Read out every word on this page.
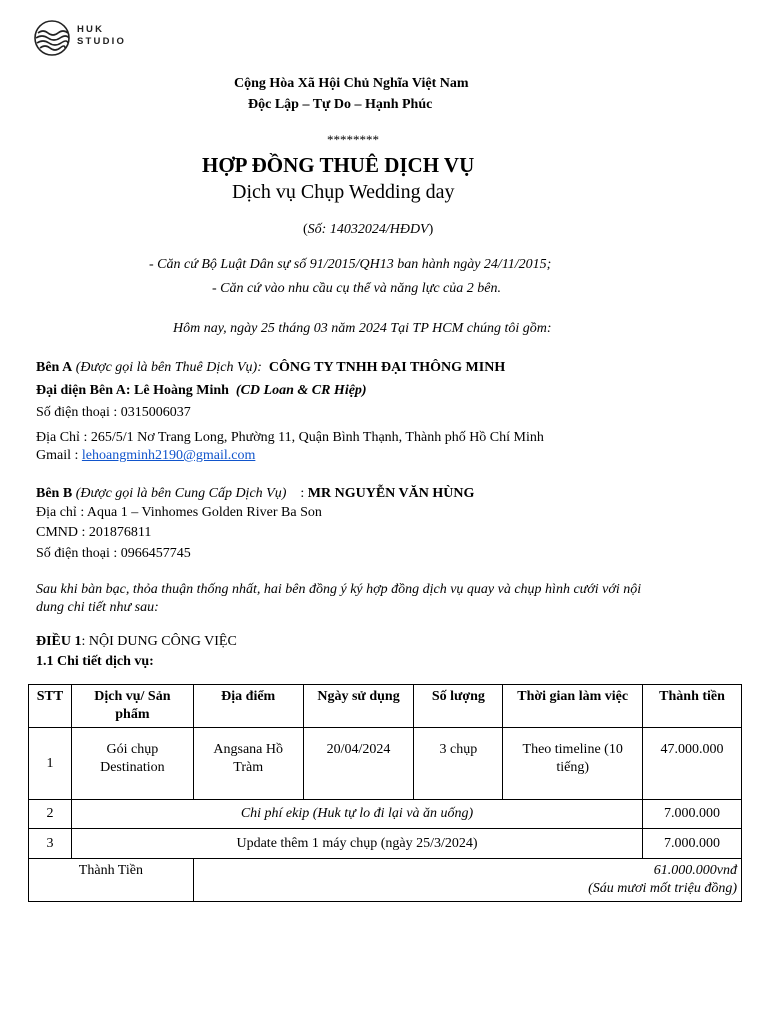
HUK
STUDIO
Cộng Hòa Xã Hội Chủ Nghĩa Việt Nam
Độc Lập – Tự Do – Hạnh Phúc
********
HỢP ĐỒNG THUÊ DỊCH VỤ
Dịch vụ Chụp Wedding day
(Số: 14032024/HĐDV)
- Căn cứ Bộ Luật Dân sự số 91/2015/QH13 ban hành ngày 24/11/2015;
- Căn cứ vào nhu cầu cụ thể và năng lực của 2 bên.
Hôm nay, ngày 25 tháng 03 năm 2024 Tại TP HCM chúng tôi gồm:
Bên A (Được gọi là bên Thuê Dịch Vụ): CÔNG TY TNHH ĐẠI THÔNG MINH
Đại diện Bên A: Lê Hoàng Minh (CD Loan & CR Hiệp)
Số điện thoại : 0315006037
Địa Chỉ : 265/5/1 Nơ Trang Long, Phường 11, Quận Bình Thạnh, Thành phố Hồ Chí Minh
Gmail : lehoangminh2190@gmail.com
Bên B (Được gọi là bên Cung Cấp Dịch Vụ) : MR NGUYỄN VĂN HÙNG
Địa chỉ : Aqua 1 – Vinhomes Golden River Ba Son
CMND : 201876811
Số điện thoại : 0966457745
Sau khi bàn bạc, thỏa thuận thống nhất, hai bên đồng ý ký hợp đồng dịch vụ quay và chụp hình cưới với nội
dung chi tiết như sau:
ĐIỀU 1: NỘI DUNG CÔNG VIỆC
1.1 Chi tiết dịch vụ:
STT	Dịch vụ/ Sản phẩm	Địa điểm	Ngày sử dụng	Số lượng	Thời gian làm việc	Thành tiền
1	Gói chụp Destination	Angsana Hồ Tràm	20/04/2024	3 chụp	Theo timeline (10 tiếng)	47.000.000
2	Chi phí ekip (Huk tự lo đi lại và ăn uống)					7.000.000
3	Update thêm 1 máy chụp (ngày 25/3/2024)					7.000.000
Thành Tiền		61.000.000vnđ
(Sáu mươi mốt triệu đồng)				
